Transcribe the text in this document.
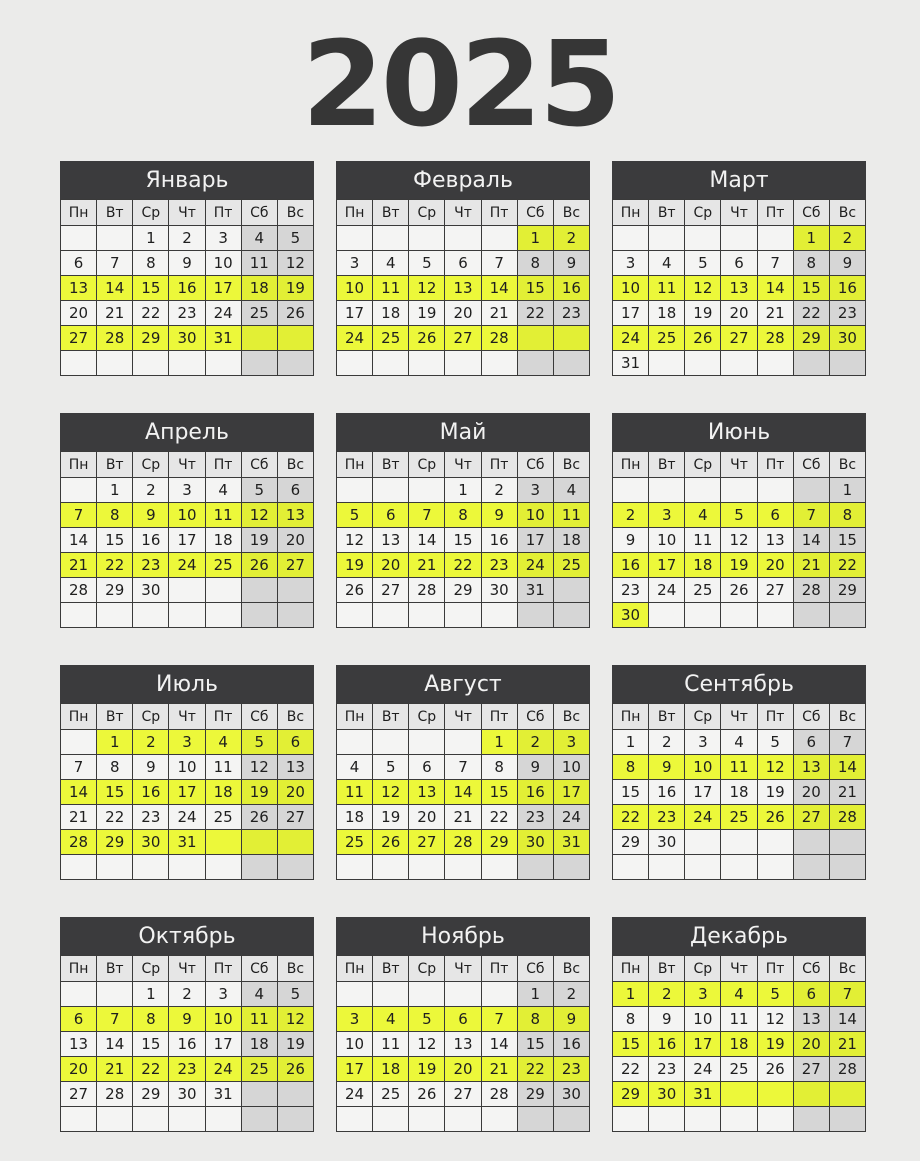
2025
Январь
Пн	Вт	Ср	Чт	Пт	Сб	Вс
		1	2	3	4	5
6	7	8	9	10	11	12
13	14	15	16	17	18	19
20	21	22	23	24	25	26
27	28	29	30	31		

Февраль
Пн	Вт	Ср	Чт	Пт	Сб	Вс
					1	2
3	4	5	6	7	8	9
10	11	12	13	14	15	16
17	18	19	20	21	22	23
24	25	26	27	28		

Март
Пн	Вт	Ср	Чт	Пт	Сб	Вс
					1	2
3	4	5	6	7	8	9
10	11	12	13	14	15	16
17	18	19	20	21	22	23
24	25	26	27	28	29	30
31						
Апрель
Пн	Вт	Ср	Чт	Пт	Сб	Вс
	1	2	3	4	5	6
7	8	9	10	11	12	13
14	15	16	17	18	19	20
21	22	23	24	25	26	27
28	29	30				

Май
Пн	Вт	Ср	Чт	Пт	Сб	Вс
			1	2	3	4
5	6	7	8	9	10	11
12	13	14	15	16	17	18
19	20	21	22	23	24	25
26	27	28	29	30	31	

Июнь
Пн	Вт	Ср	Чт	Пт	Сб	Вс
						1
2	3	4	5	6	7	8
9	10	11	12	13	14	15
16	17	18	19	20	21	22
23	24	25	26	27	28	29
30						
Июль
Пн	Вт	Ср	Чт	Пт	Сб	Вс
	1	2	3	4	5	6
7	8	9	10	11	12	13
14	15	16	17	18	19	20
21	22	23	24	25	26	27
28	29	30	31			

Август
Пн	Вт	Ср	Чт	Пт	Сб	Вс
				1	2	3
4	5	6	7	8	9	10
11	12	13	14	15	16	17
18	19	20	21	22	23	24
25	26	27	28	29	30	31

Сентябрь
Пн	Вт	Ср	Чт	Пт	Сб	Вс
1	2	3	4	5	6	7
8	9	10	11	12	13	14
15	16	17	18	19	20	21
22	23	24	25	26	27	28
29	30					

Октябрь
Пн	Вт	Ср	Чт	Пт	Сб	Вс
		1	2	3	4	5
6	7	8	9	10	11	12
13	14	15	16	17	18	19
20	21	22	23	24	25	26
27	28	29	30	31		

Ноябрь
Пн	Вт	Ср	Чт	Пт	Сб	Вс
					1	2
3	4	5	6	7	8	9
10	11	12	13	14	15	16
17	18	19	20	21	22	23
24	25	26	27	28	29	30

Декабрь
Пн	Вт	Ср	Чт	Пт	Сб	Вс
1	2	3	4	5	6	7
8	9	10	11	12	13	14
15	16	17	18	19	20	21
22	23	24	25	26	27	28
29	30	31				
